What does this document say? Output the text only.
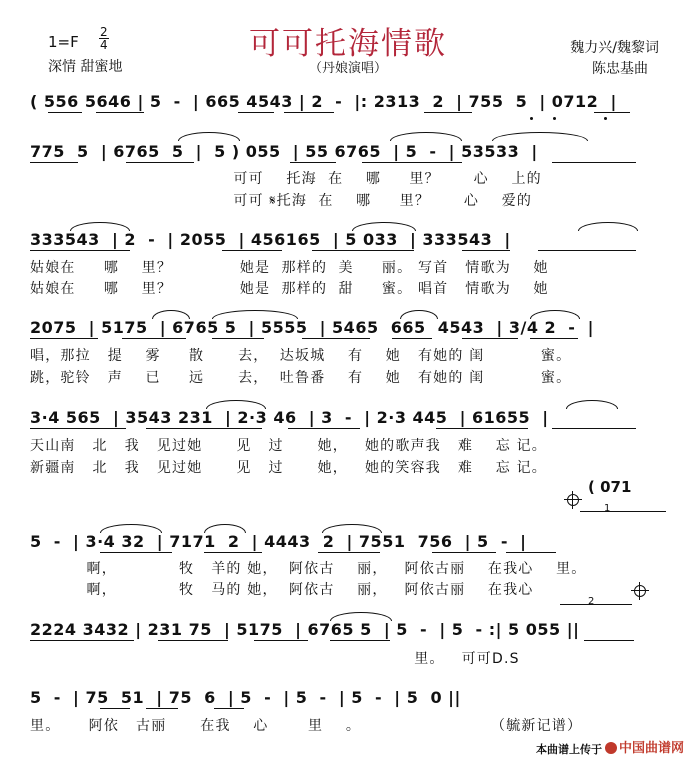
可可托海情歌
1=F
2
4
深情 甜蜜地	（丹娘演唱）
魏力兴/魏黎词
陈忠基曲
( 556 5646 | 5  -  | 665 4543 | 2  -  |: 2313  2  | 755  5  | 0712  |
775  5  | 6765  5  |  5 ) 055  | 55 6765  | 5  -  | 53533  |
可可    托海  在    哪     里？      心    上的
可可 𝄋托海  在    哪     里？      心    爱的
333543  | 2  -  | 2055  | 456165  | 5 033  | 333543  |
姑娘在     哪    里？            她是  那样的  美     丽。 写首   情歌为    她
姑娘在     哪    里？            她是  那样的  甜     蜜。 唱首   情歌为    她
2075  | 5175  | 6765 5  | 5555  | 5465  665  4543  | 3/4 2  -  |
唱，那拉   提    雾     散      去，  达坂城    有    她   有她的 闺          蜜。
跳，驼铃   声    已     远      去，  吐鲁番    有    她   有她的 闺          蜜。
3·4 565  | 3543 231  | 2·3 46  | 3  -  | 2·3 445  | 61655  |
天山南   北   我   见过她      见   过      她，   她的歌声我   难    忘 记。
新疆南   北   我   见过她      见   过      她，   她的笑容我   难    忘 记。
( 071
1
5  -  | 3·4 32  | 7171  2  | 4443  2  | 7551  756  | 5  -  |
啊，           牧   羊的 她，  阿依古    丽，   阿依古丽    在我心    里。
啊，           牧   马的 她，  阿依古    丽，   阿依古丽    在我心
2
2224 3432 | 231 75  | 5175  | 6765 5  | 5  -  | 5  - :| 5 055 ||
里。   可可D.S
5  -  | 75  51  | 75  6  | 5  -  | 5  -  | 5  -  | 5  0 ||
里。     阿依   古丽      在我    心       里    。                       （毓新记谱）
本曲谱上传于	中国曲谱网
